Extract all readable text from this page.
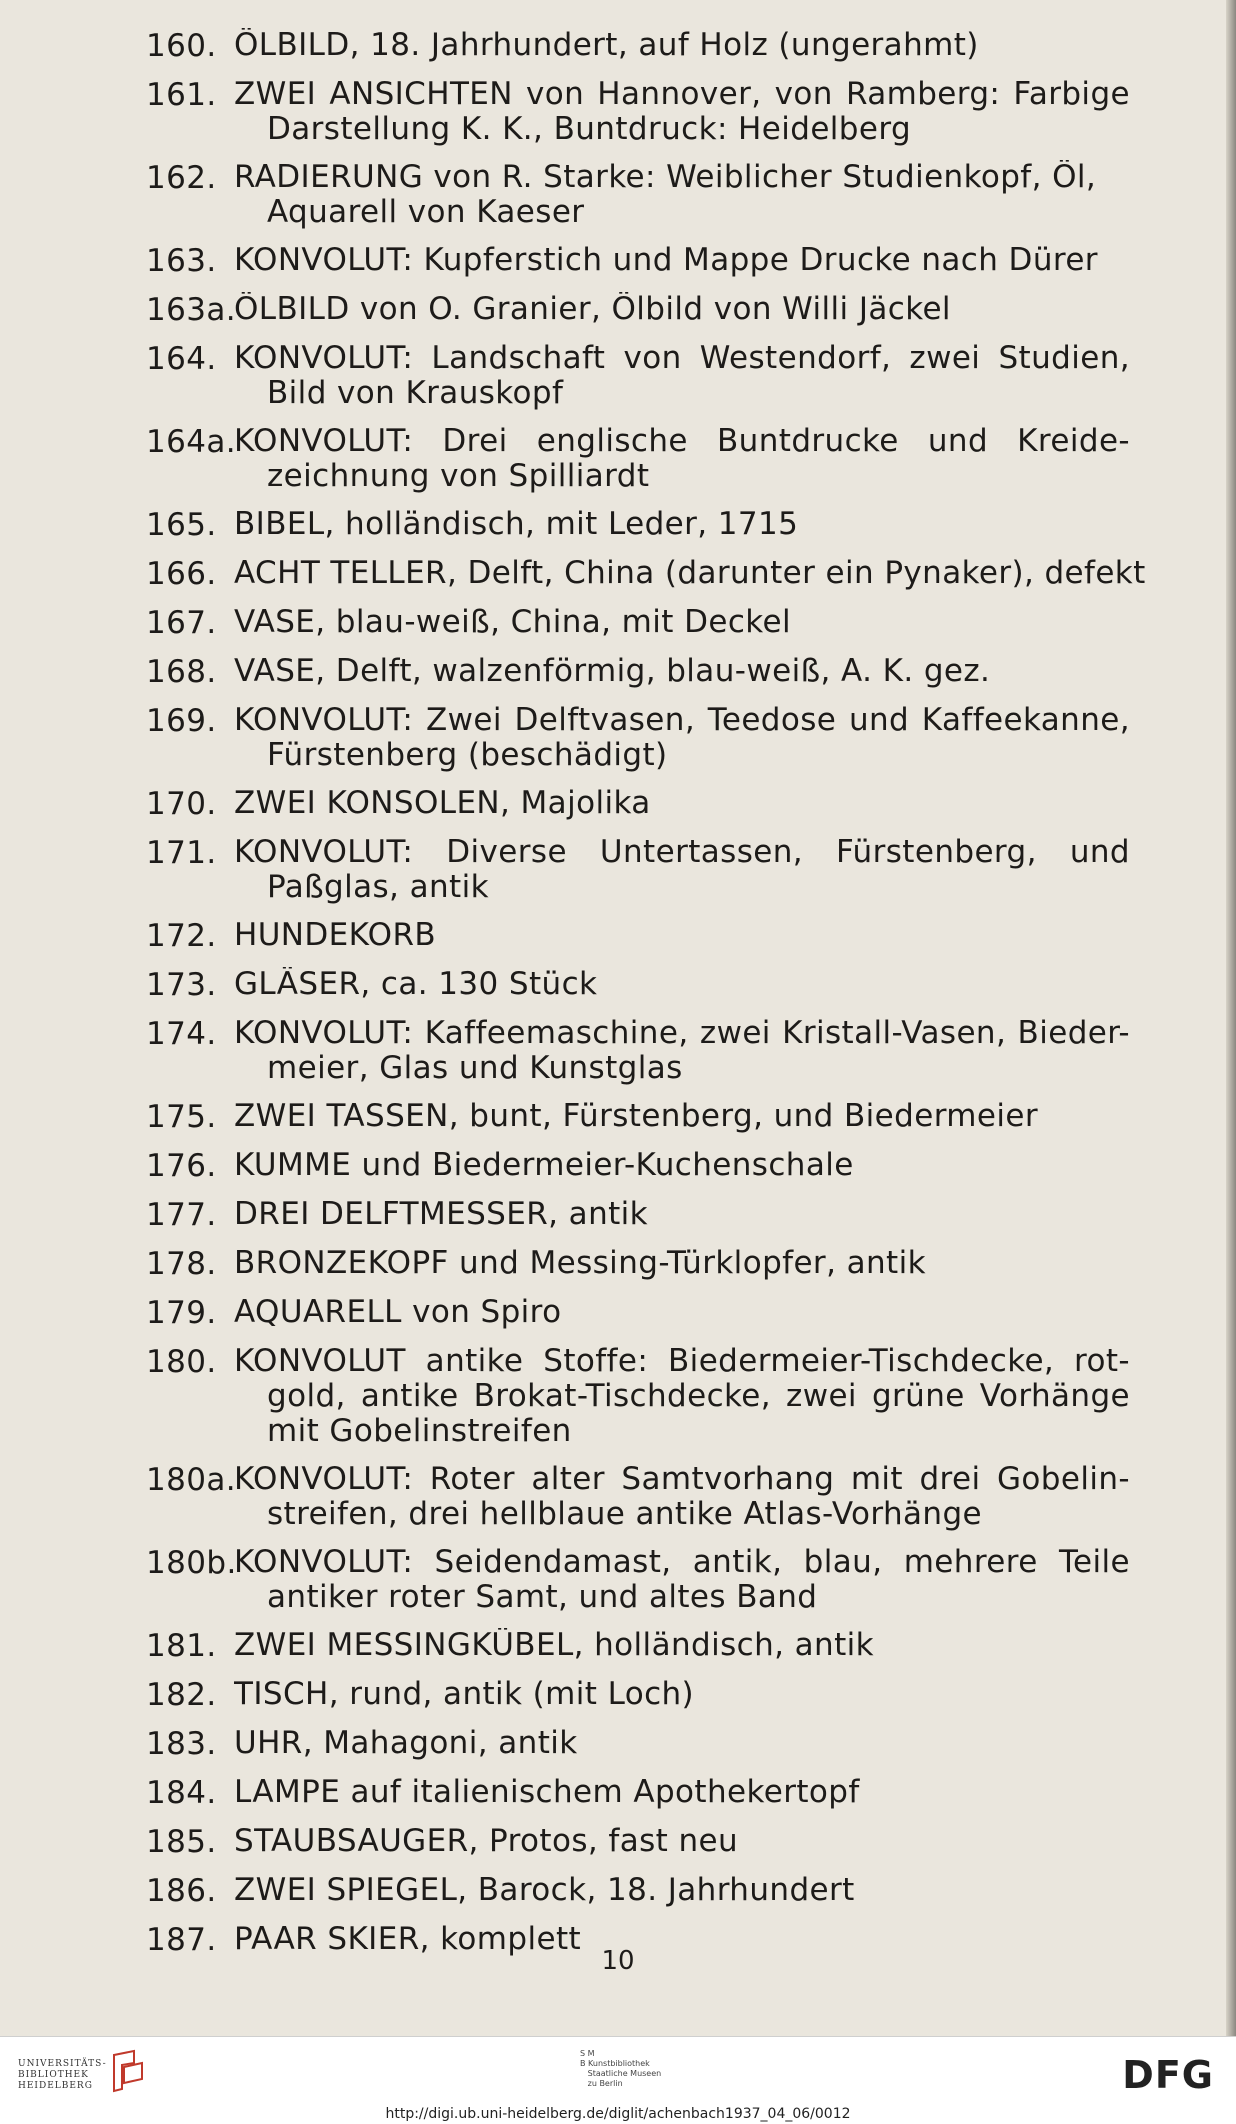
160. ÖLBILD, 18. Jahrhundert, auf Holz (ungerahmt)
161. ZWEI ANSICHTEN von Hannover, von Ramberg: Farbige
Darstellung K. K., Buntdruck: Heidelberg
162. RADIERUNG von R. Starke: Weiblicher Studienkopf, Öl,
Aquarell von Kaeser
163. KONVOLUT: Kupferstich und Mappe Drucke nach Dürer
163a.
ÖLBILD von O. Granier, Ölbild von Willi Jäckel
164. KONVOLUT: Landschaft von Westendorf, zwei Studien,
Bild von Krauskopf
164a.
KONVOLUT: Drei englische Buntdrucke und Kreide-
zeichnung von Spilliardt
165. BIBEL, holländisch, mit Leder, 1715
166. ACHT TELLER, Delft, China (darunter ein Pynaker), defekt
167. VASE, blau-weiß, China, mit Deckel
168. VASE, Delft, walzenförmig, blau-weiß, A. K. gez.
169. KONVOLUT: Zwei Delftvasen, Teedose und Kaffeekanne,
Fürstenberg (beschädigt)
170. ZWEI KONSOLEN, Majolika
171. KONVOLUT: Diverse Untertassen, Fürstenberg, und
Paßglas, antik
172. HUNDEKORB
173. GLÄSER, ca. 130 Stück
174. KONVOLUT: Kaffeemaschine, zwei Kristall-Vasen, Bieder-
meier, Glas und Kunstglas
175. ZWEI TASSEN, bunt, Fürstenberg, und Biedermeier
176. KUMME und Biedermeier-Kuchenschale
177. DREI DELFTMESSER, antik
178. BRONZEKOPF und Messing-Türklopfer, antik
179. AQUARELL von Spiro
180. KONVOLUT antike Stoffe: Biedermeier-Tischdecke, rot-
gold, antike Brokat-Tischdecke, zwei grüne Vorhänge
mit Gobelinstreifen
180a.
KONVOLUT: Roter alter Samtvorhang mit drei Gobelin-
streifen, drei hellblaue antike Atlas-Vorhänge
180b.
KONVOLUT: Seidendamast, antik, blau, mehrere Teile
antiker roter Samt, und altes Band
181. ZWEI MESSINGKÜBEL, holländisch, antik
182. TISCH, rund, antik (mit Loch)
183. UHR, Mahagoni, antik
184. LAMPE auf italienischem Apothekertopf
185. STAUBSAUGER, Protos, fast neu
186. ZWEI SPIEGEL, Barock, 18. Jahrhundert
187. PAAR SKIER, komplett
10
UNIVERSITÄTS-
BIBLIOTHEK
HEIDELBERG
S M
B Kunstbibliothek
Staatliche Museen
zu Berlin	DFG
http://digi.ub.uni-heidelberg.de/diglit/achenbach1937_04_06/0012
